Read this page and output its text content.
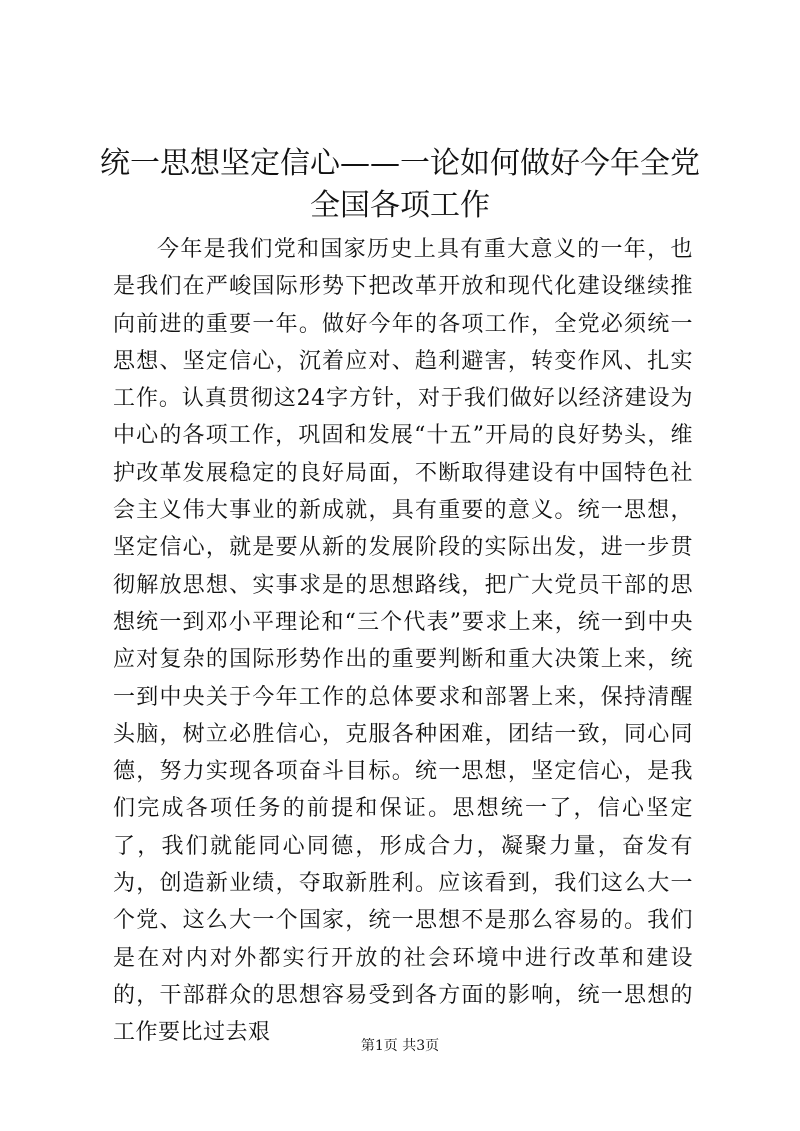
统一思想坚定信心——一论如何做好今年全党
全国各项工作

今年是我们党和国家历史上具有重大意义的一年，也是我们在严峻国际形势下把改革开放和现代化建设继续推向前进的重要一年。做好今年的各项工作，全党必须统一思想、坚定信心，沉着应对、趋利避害，转变作风、扎实工作。认真贯彻这24字方针，对于我们做好以经济建设为中心的各项工作，巩固和发展“十五”开局的良好势头，维护改革发展稳定的良好局面，不断取得建设有中国特色社会主义伟大事业的新成就，具有重要的意义。统一思想，坚定信心，就是要从新的发展阶段的实际出发，进一步贯彻解放思想、实事求是的思想路线，把广大党员干部的思想统一到邓小平理论和“三个代表”要求上来，统一到中央应对复杂的国际形势作出的重要判断和重大决策上来，统一到中央关于今年工作的总体要求和部署上来，保持清醒头脑，树立必胜信心，克服各种困难，团结一致，同心同德，努力实现各项奋斗目标。统一思想，坚定信心，是我们完成各项任务的前提和保证。思想统一了，信心坚定了，我们就能同心同德，形成合力，凝聚力量，奋发有为，创造新业绩，夺取新胜利。应该看到，我们这么大一个党、这么大一个国家，统一思想不是那么容易的。我们是在对内对外都实行开放的社会环境中进行改革和建设的，干部群众的思想容易受到各方面的影响，统一思想的工作要比过去艰

第1页 共3页
